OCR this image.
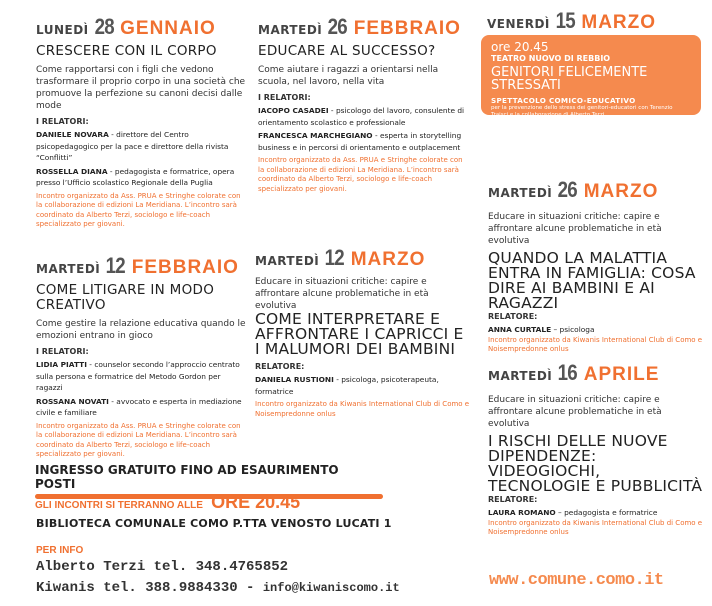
LUNEDÌ 28 GENNAIO
CRESCERE CON IL CORPO
Come rapportarsi con i figli che vedono trasformare il proprio corpo in una società che promuove la perfezione su canoni decisi dalle mode
I RELATORI:
DANIELE NOVARA - direttore del Centro psicopedagogico per la pace e direttore della rivista “Conflitti”
ROSSELLA DIANA - pedagogista e formatrice, opera presso l’Ufficio scolastico Regionale della Puglia
Incontro organizzato da Ass. PRUA e Stringhe colorate con la collaborazione di edizioni La Meridiana. L’incontro sarà coordinato da Alberto Terzi, sociologo e life-coach specializzato per giovani.
MARTEDÌ 26 FEBBRAIO
EDUCARE AL SUCCESSO?
Come aiutare i ragazzi a orientarsi nella scuola, nel lavoro, nella vita
I RELATORI:
IACOPO CASADEI - psicologo del lavoro, consulente di orientamento scolastico e professionale
FRANCESCA MARCHEGIANO - esperta in storytelling business e in percorsi di orientamento e outplacement
Incontro organizzato da Ass. PRUA e Stringhe colorate con la collaborazione di edizioni La Meridiana. L’incontro sarà coordinato da Alberto Terzi, sociologo e life-coach specializzato per giovani.
VENERDÌ 15 MARZO
ore 20.45
TEATRO NUOVO DI REBBIO
GENITORI FELICEMENTE STRESSATI
SPETTACOLO COMICO-EDUCATIVO
per la prevenzione dello stress dei genitori-educatori con Terenzio Traisci e la collaborazione di Alberto Terzi
MARTEDÌ 12 FEBBRAIO
COME LITIGARE IN MODO CREATIVO
Come gestire la relazione educativa quando le emozioni entrano in gioco
I RELATORI:
LIDIA PIATTI - counselor secondo l’approccio centrato sulla persona e formatrice del Metodo Gordon per ragazzi
ROSSANA NOVATI - avvocato e esperta in mediazione civile e familiare
Incontro organizzato da Ass. PRUA e Stringhe colorate con la collaborazione di edizioni La Meridiana. L’incontro sarà coordinato da Alberto Terzi, sociologo e life-coach specializzato per giovani.
MARTEDÌ 12 MARZO
Educare in situazioni critiche: capire e affrontare alcune problematiche in età evolutiva
COME INTERPRETARE E AFFRONTARE I CAPRICCI E I MALUMORI DEI BAMBINI
RELATORE:
DANIELA RUSTIONI - psicologa, psicoterapeuta, formatrice
Incontro organizzato da Kiwanis International Club di Como e Noisempredonne onlus
MARTEDÌ 26 MARZO
Educare in situazioni critiche: capire e affrontare alcune problematiche in età evolutiva
QUANDO LA MALATTIA ENTRA IN FAMIGLIA: COSA DIRE AI BAMBINI E AI RAGAZZI
RELATORE:
ANNA CURTALE – psicologa
Incontro organizzato da Kiwanis International Club di Como e Noisempredonne onlus
MARTEDÌ 16 APRILE
Educare in situazioni critiche: capire e affrontare alcune problematiche in età evolutiva
I RISCHI DELLE NUOVE DIPENDENZE: VIDEOGIOCHI, TECNOLOGIE E PUBBLICITÀ
RELATORE:
LAURA ROMANO – pedagogista e formatrice
Incontro organizzato da Kiwanis International Club di Como e Noisempredonne onlus
INGRESSO GRATUITO FINO AD ESAURIMENTO POSTI
GLI INCONTRI SI TERRANNO ALLE ORE 20.45
BIBLIOTECA COMUNALE COMO P.TTA VENOSTO LUCATI 1
PER INFO
Alberto Terzi tel. 348.4765852
Kiwanis tel. 388.9884330 - info@kiwaniscomo.it	www.comune.como.it
